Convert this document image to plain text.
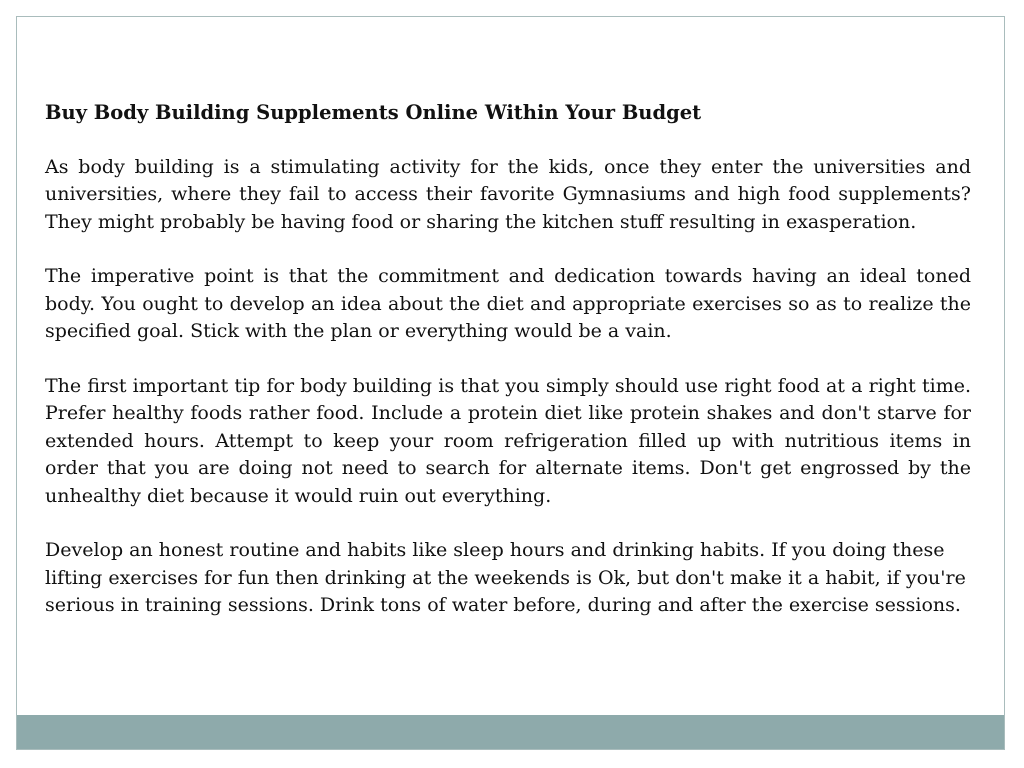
Buy Body Building Supplements Online Within Your Budget

As body building is a stimulating activity for the kids, once they enter the universities and universities, where they fail to access their favorite Gymnasiums and high food supplements? They might probably be having food or sharing the kitchen stuff resulting in exasperation.

The imperative point is that the commitment and dedication towards having an ideal toned body. You ought to develop an idea about the diet and appropriate exercises so as to realize the specified goal. Stick with the plan or everything would be a vain.

The first important tip for body building is that you simply should use right food at a right time. Prefer healthy foods rather food. Include a protein diet like protein shakes and don't starve for extended hours. Attempt to keep your room refrigeration filled up with nutritious items in order that you are doing not need to search for alternate items. Don't get engrossed by the unhealthy diet because it would ruin out everything.

Develop an honest routine and habits like sleep hours and drinking habits. If you doing these lifting exercises for fun then drinking at the weekends is Ok, but don't make it a habit, if you're serious in training sessions. Drink tons of water before, during and after the exercise sessions.
